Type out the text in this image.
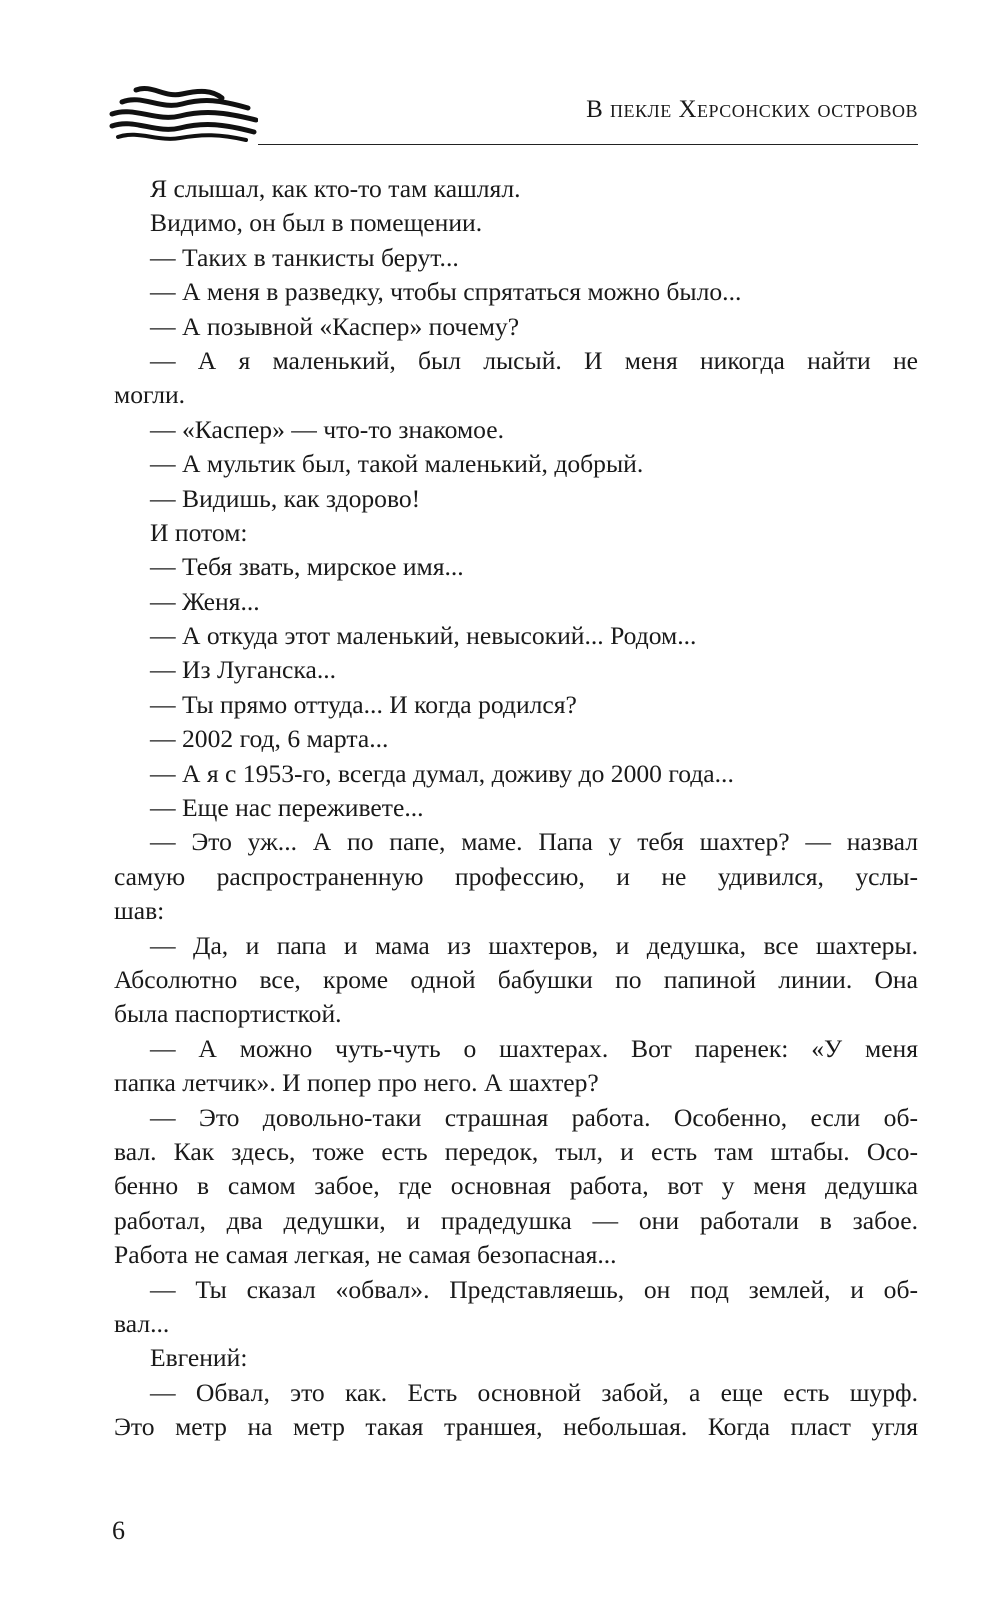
В пекле Херсонских островов
Я слышал, как кто-то там кашлял.
Видимо, он был в помещении.
— Таких в танкисты берут...
— А меня в разведку, чтобы спрятаться можно было...
— А позывной «Каспер» почему?
— А я маленький, был лысый. И меня никогда найти не
могли.
— «Каспер» — что-то знакомое.
— А мультик был, такой маленький, добрый.
— Видишь, как здорово!
И потом:
— Тебя звать, мирское имя...
— Женя...
— А откуда этот маленький, невысокий... Родом...
— Из Луганска...
— Ты прямо оттуда... И когда родился?
— 2002 год, 6 марта...
— А я с 1953-го, всегда думал, доживу до 2000 года...
— Еще нас переживете...
— Это уж... А по папе, маме. Папа у тебя шахтер? — назвал
самую распространенную профессию, и не удивился, услы-
шав:
— Да, и папа и мама из шахтеров, и дедушка, все шахтеры.
Абсолютно все, кроме одной бабушки по папиной линии. Она
была паспортисткой.
— А можно чуть-чуть о шахтерах. Вот паренек: «У меня
папка летчик». И попер про него. А шахтер?
— Это довольно-таки страшная работа. Особенно, если об-
вал. Как здесь, тоже есть передок, тыл, и есть там штабы. Осо-
бенно в самом забое, где основная работа, вот у меня дедушка
работал, два дедушки, и прадедушка — они работали в забое.
Работа не самая легкая, не самая безопасная...
— Ты сказал «обвал». Представляешь, он под землей, и об-
вал...
Евгений:
— Обвал, это как. Есть основной забой, а еще есть шурф.
Это метр на метр такая траншея, небольшая. Когда пласт угля
6
